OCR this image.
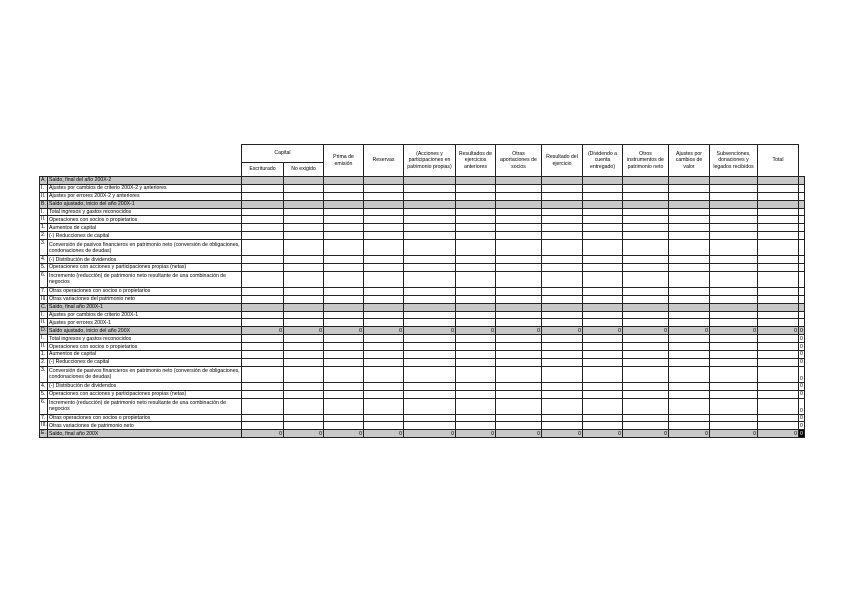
		Capital		Prima de emisión	Reservas	(Acciones y participaciones en patrimonio propias)	Resultados de ejercicios anteriores	Otras aportaciones de socios	Resultado del ejercicio	(Dividendo a cuenta entregado)	Otros instrumentos de patrimonio neto	Ajustes por cambios de valor	Subvenciones, donaciones y legados recibidos	Total	
		Escriturado	No exigido												
A.	Saldo, final del año 200X-2														
I.	Ajustes por cambios de criterio 200X-2 y anteriores														
II.	Ajustes por errores 200X-2 y anteriores														
B.	Saldo ajustado, inicio del año 200X-1														
I.	Total ingresos y gastos reconocidos														
II.	Operaciones con socios o propietarios														
1.	Aumentos de capital														
2.	(-) Reducciones de capital														
3.	Conversión de pasivos financieros en patrimonio neto (conversión de obligaciones, condonaciones de deudas)														
4.	(-) Distribución de dividendos														
5.	Operaciones con acciones y participaciones propias (netas)														
6.	Incremento (reducción) de patrimonio neto resultante de una combinación de negocios														
7.	Otras operaciones con socios o propietarios														
III.	Otras variaciones del patrimonio neto														
C.	Saldo, final año 200X-1														
I.	Ajustes por cambios de criterio 200X-1														
II.	Ajustes por errores 200X-1														
D.	Saldo ajustado, inicio del año 200X	0	0	0	0	0	0	0	0	0	0	0	0	0	0
I.	Total ingresos y gastos reconocidos														0
II.	Operaciones con socios o propietarios														0
1.	Aumentos de capital														0
2.	(-) Reducciones de capital														0
3.	Conversión de pasivos financieros en patrimonio neto (conversión de obligaciones, condonaciones de deudas)														0
4.	(-) Distribución de dividendos														0
5.	Operaciones con acciones y participaciones propias (netas)														0
6.	Incremento (reducción) de patrimonio neto resultante de una combinación de negocios														0
7.	Otras operaciones con socios o propietarios														0
III.	Otras variaciones de patrimonio neto														0
E.	Saldo, final año 200X	0	0	0	0	0	0	0	0	0	0	0	0	0	0
